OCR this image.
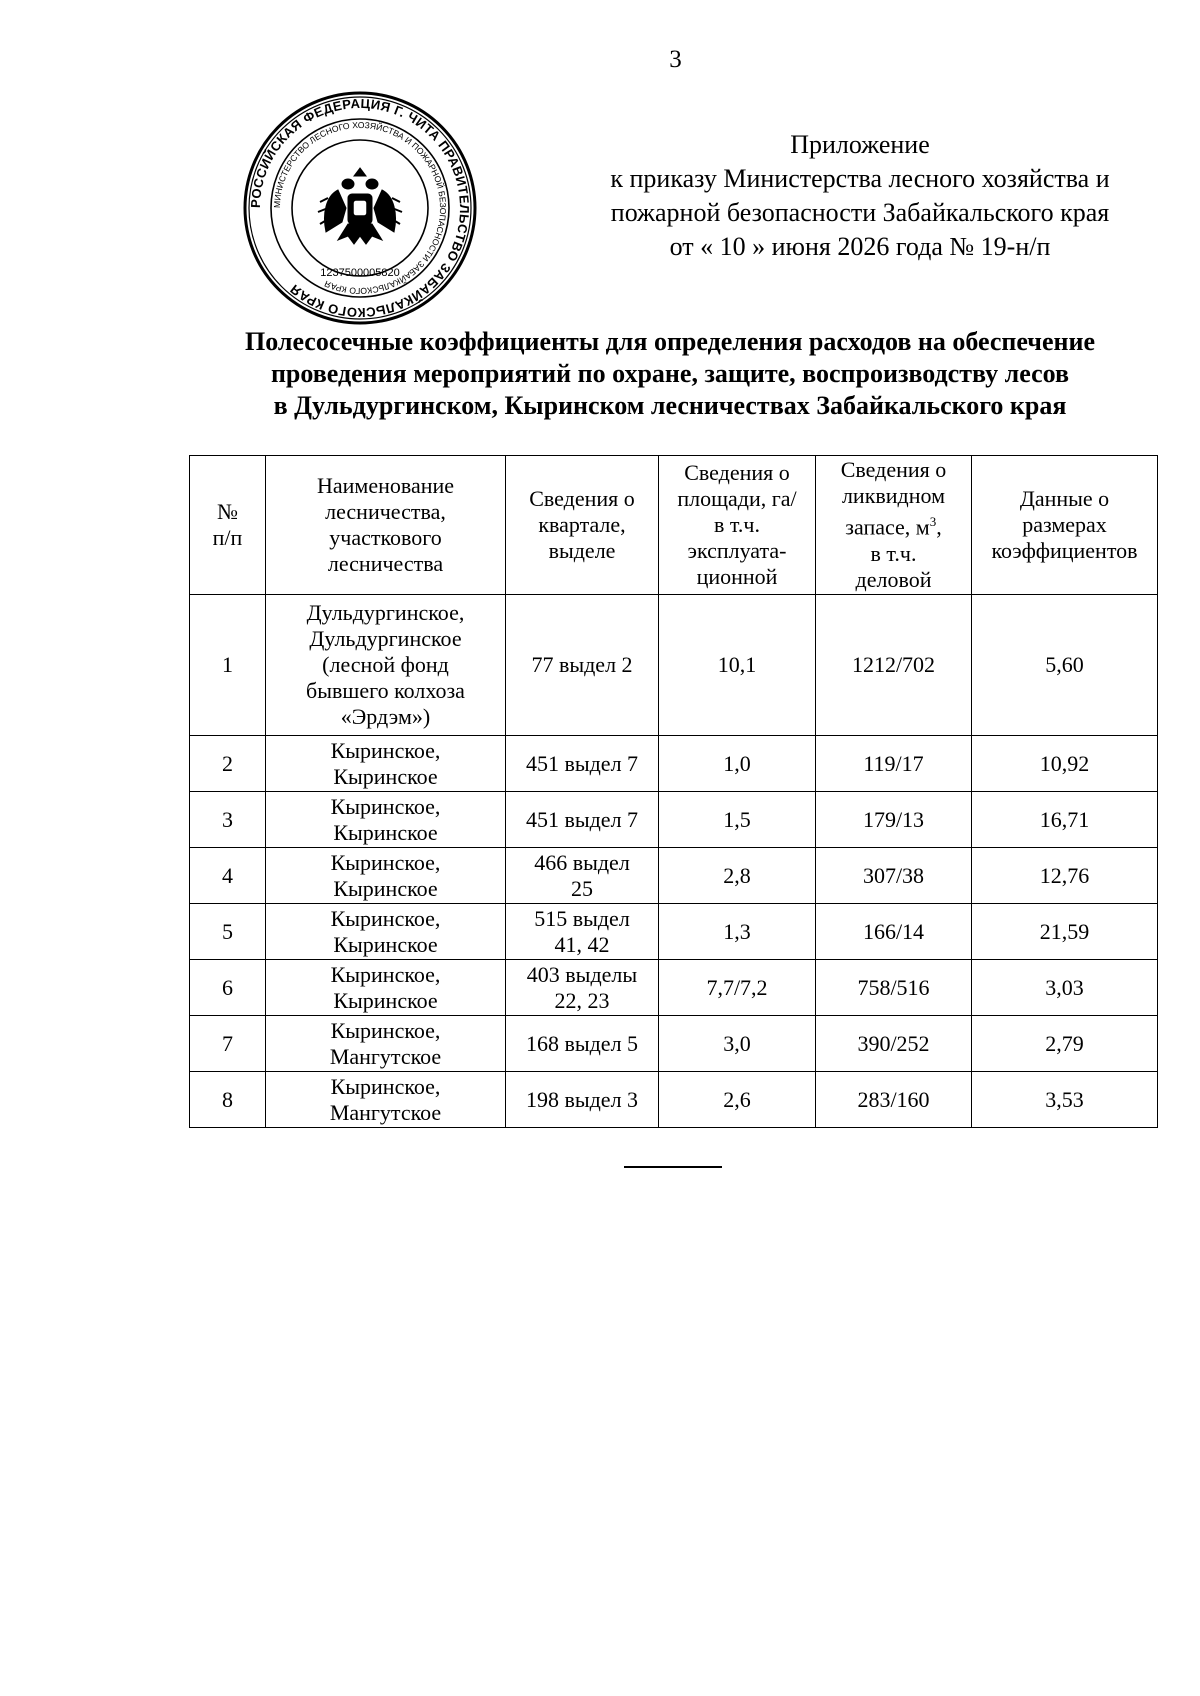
3
РОССИЙСКАЯ ФЕДЕРАЦИЯ Г. ЧИТА ПРАВИТЕЛЬСТВО ЗАБАЙКАЛЬСКОГО КРАЯ
МИНИСТЕРСТВО ЛЕСНОГО ХОЗЯЙСТВА И ПОЖАРНОЙ БЕЗОПАСНОСТИ ЗАБАЙКАЛЬСКОГО КРАЯ
1237500005820
Приложение
к приказу Министерства лесного хозяйства и
пожарной безопасности Забайкальского края
от « 10 » июня 2026 года № 19-н/п
Полесосечные коэффициенты для определения расходов на обеспечение
проведения мероприятий по охране, защите, воспроизводству лесов
в Дульдургинском, Кыринском лесничествах Забайкальского края
№
п/п	Наименование
лесничества,
участкового
лесничества	Сведения о
квартале,
выделе	Сведения о
площади, га/
в т.ч.
эксплуата-
ционной	Сведения о
ликвидном
запасе, $м^3$,
в т.ч.
деловой	Данные о
размерах
коэффициентов
1	Дульдургинское,
Дульдургинское
(лесной фонд
бывшего колхоза
«Эрдэм»)	77 выдел 2	10,1	1212/702	5,60
2	Кыринское,
Кыринское	451 выдел 7	1,0	119/17	10,92
3	Кыринское,
Кыринское	451 выдел 7	1,5	179/13	16,71
4	Кыринское,
Кыринское	466 выдел
25	2,8	307/38	12,76
5	Кыринское,
Кыринское	515 выдел
41, 42	1,3	166/14	21,59
6	Кыринское,
Кыринское	403 выделы
22, 23	7,7/7,2	758/516	3,03
7	Кыринское,
Мангутское	168 выдел 5	3,0	390/252	2,79
8	Кыринское,
Мангутское	198 выдел 3	2,6	283/160	3,53
